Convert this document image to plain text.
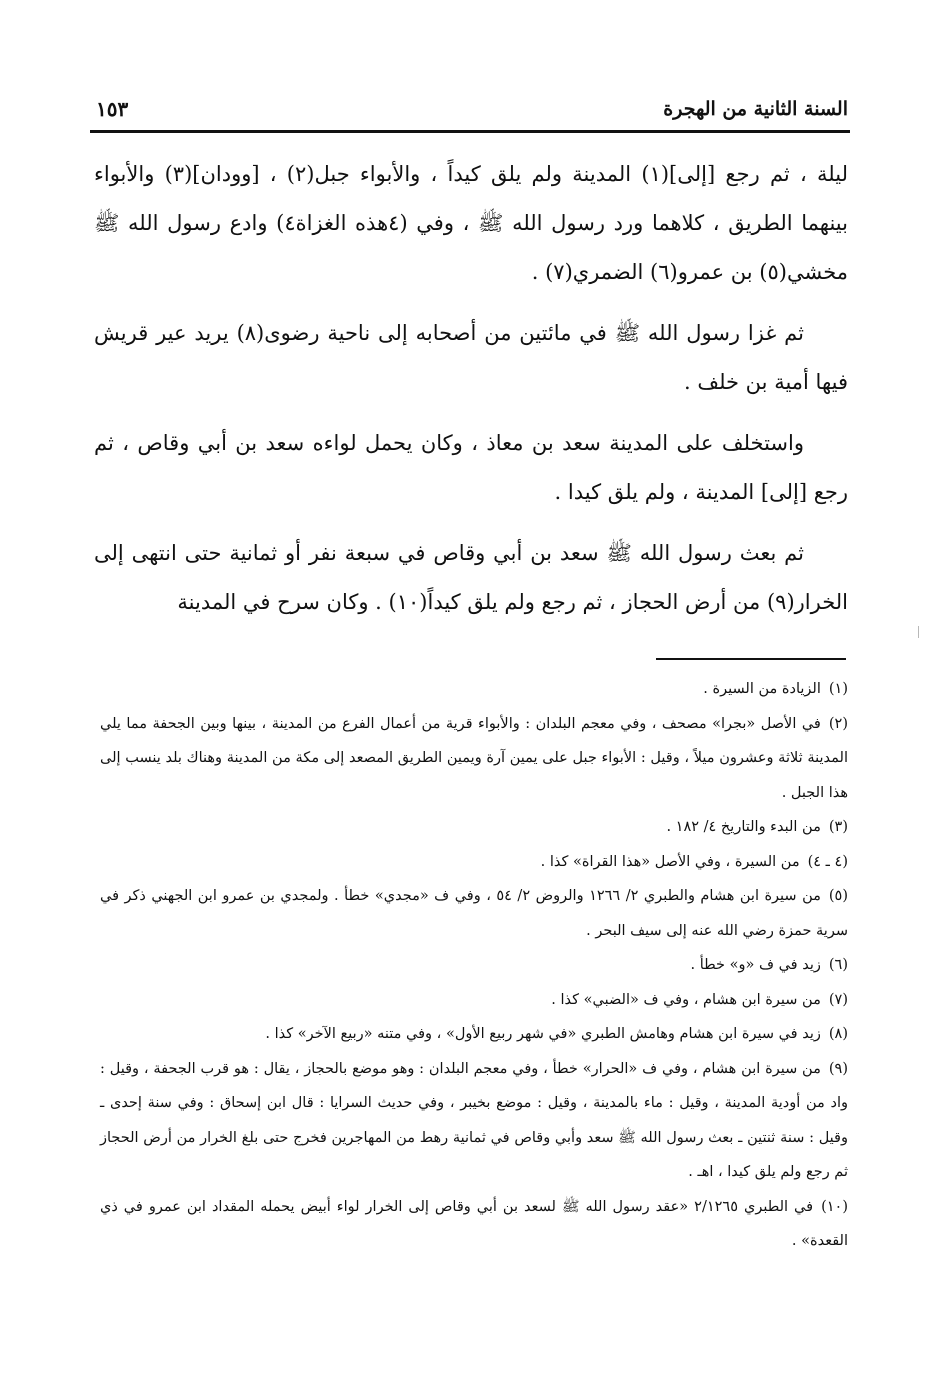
السنة الثانية من الهجرة
١٥٣

ليلة ، ثم رجع [إلى](١) المدينة ولم يلق كيداً ، والأبواء جبل(٢) ، [وودان](٣) والأبواء بينهما الطريق ، كلاهما ورد رسول الله ﷺ ، وفي (٤هذه الغزاة٤) وادع رسول الله ﷺ مخشي(٥) بن عمرو(٦) الضمري(٧) .

ثم غزا رسول الله ﷺ في مائتين من أصحابه إلى ناحية رضوى(٨) يريد عير قريش فيها أمية بن خلف .

واستخلف على المدينة سعد بن معاذ ، وكان يحمل لواءه سعد بن أبي وقاص ، ثم رجع [إلى] المدينة ، ولم يلق كيدا .

ثم بعث رسول الله ﷺ سعد بن أبي وقاص في سبعة نفر أو ثمانية حتى انتهى إلى الخرار(٩) من أرض الحجاز ، ثم رجع ولم يلق كيداً(١٠) . وكان سرح في المدينة

(١)الزيادة من السيرة .

(٢)في الأصل «بجرا» مصحف ، وفي معجم البلدان : والأبواء قرية من أعمال الفرع من المدينة ، بينها وبين الجحفة مما يلي المدينة ثلاثة وعشرون ميلاً ، وقيل : الأبواء جبل على يمين آرة ويمين الطريق المصعد إلى مكة من المدينة وهناك بلد ينسب إلى هذا الجبل .

(٣)من البدء والتاريخ ٤/ ١٨٢ .

(٤ ـ ٤)من السيرة ، وفي الأصل «هذا القراة» كذا .

(٥)من سيرة ابن هشام والطبري ٢/ ١٢٦٦ والروض ٢/ ٥٤ ، وفي ف «مجدي» خطأ . ولمجدي بن عمرو ابن الجهني ذكر في سرية حمزة رضي الله عنه إلى سيف البحر .

(٦)زيد في ف «و» خطأ .

(٧)من سيرة ابن هشام ، وفي ف «الضبي» كذا .

(٨)زيد في سيرة ابن هشام وهامش الطبري «في شهر ربيع الأول» ، وفي متنه «ربيع الآخر» كذا .

(٩)من سيرة ابن هشام ، وفي ف «الحرار» خطأ ، وفي معجم البلدان : وهو موضع بالحجاز ، يقال : هو قرب الجحفة ، وقيل : واد من أودية المدينة ، وقيل : ماء بالمدينة ، وقيل : موضع بخيبر ، وفي حديث السرايا : قال ابن إسحاق : وفي سنة إحدى ـ وقيل : سنة ثنتين ـ بعث رسول الله ﷺ سعد وأبي وقاص في ثمانية رهط من المهاجرين فخرج حتى بلغ الخرار من أرض الحجاز ثم رجع ولم يلق كيدا ، اهـ .

(١٠)في الطبري ٢/١٢٦٥ «عقد رسول الله ﷺ لسعد بن أبي وقاص إلى الخرار لواء أبيض يحمله المقداد ابن عمرو في ذي القعدة» .
